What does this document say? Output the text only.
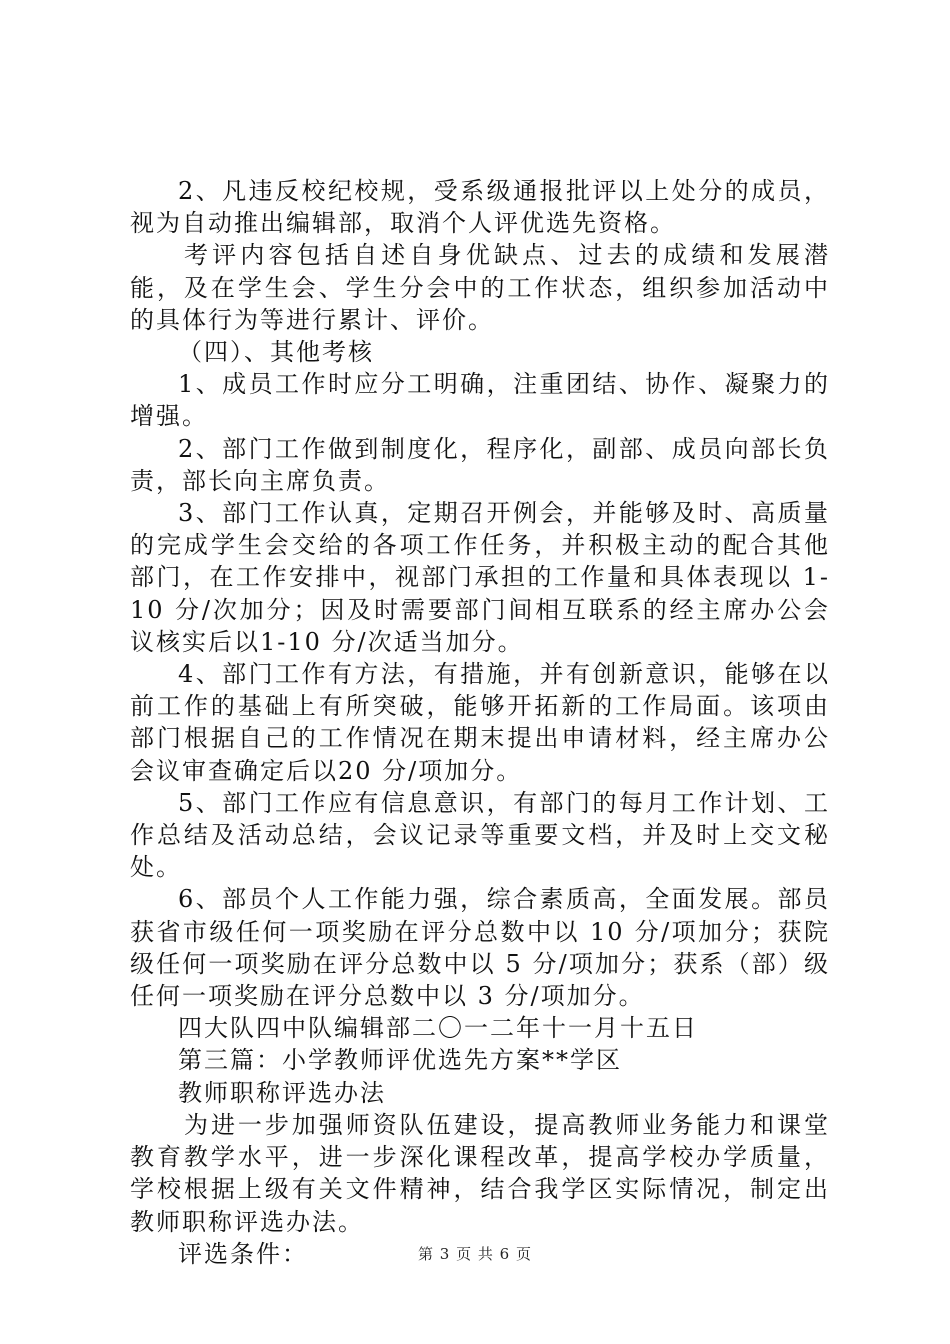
2、凡违反校纪校规，受系级通报批评以上处分的成员，视为自动推出编辑部，取消个人评优选先资格。

考评内容包括自述自身优缺点、过去的成绩和发展潜能，及在学生会、学生分会中的工作状态，组织参加活动中的具体行为等进行累计、评价。

（四）、其他考核

1、成员工作时应分工明确，注重团结、协作、凝聚力的增强。

2、部门工作做到制度化，程序化，副部、成员向部长负责，部长向主席负责。

3、部门工作认真，定期召开例会，并能够及时、高质量的完成学生会交给的各项工作任务，并积极主动的配合其他部门，在工作安排中，视部门承担的工作量和具体表现以 1-10 分/次加分；因及时需要部门间相互联系的经主席办公会议核实后以1-10 分/次适当加分。

4、部门工作有方法，有措施，并有创新意识，能够在以前工作的基础上有所突破，能够开拓新的工作局面。该项由部门根据自己的工作情况在期末提出申请材料，经主席办公会议审查确定后以20 分/项加分。

5、部门工作应有信息意识，有部门的每月工作计划、工作总结及活动总结，会议记录等重要文档，并及时上交文秘处。

6、部员个人工作能力强，综合素质高，全面发展。部员获省市级任何一项奖励在评分总数中以 10 分/项加分；获院级任何一项奖励在评分总数中以 5 分/项加分；获系（部）级任何一项奖励在评分总数中以 3 分/项加分。

四大队四中队编辑部二〇一二年十一月十五日

第三篇：小学教师评优选先方案**学区

教师职称评选办法

为进一步加强师资队伍建设，提高教师业务能力和课堂教育教学水平，进一步深化课程改革，提高学校办学质量，学校根据上级有关文件精神，结合我学区实际情况，制定出教师职称评选办法。

评选条件：	第 3 页 共 6 页
